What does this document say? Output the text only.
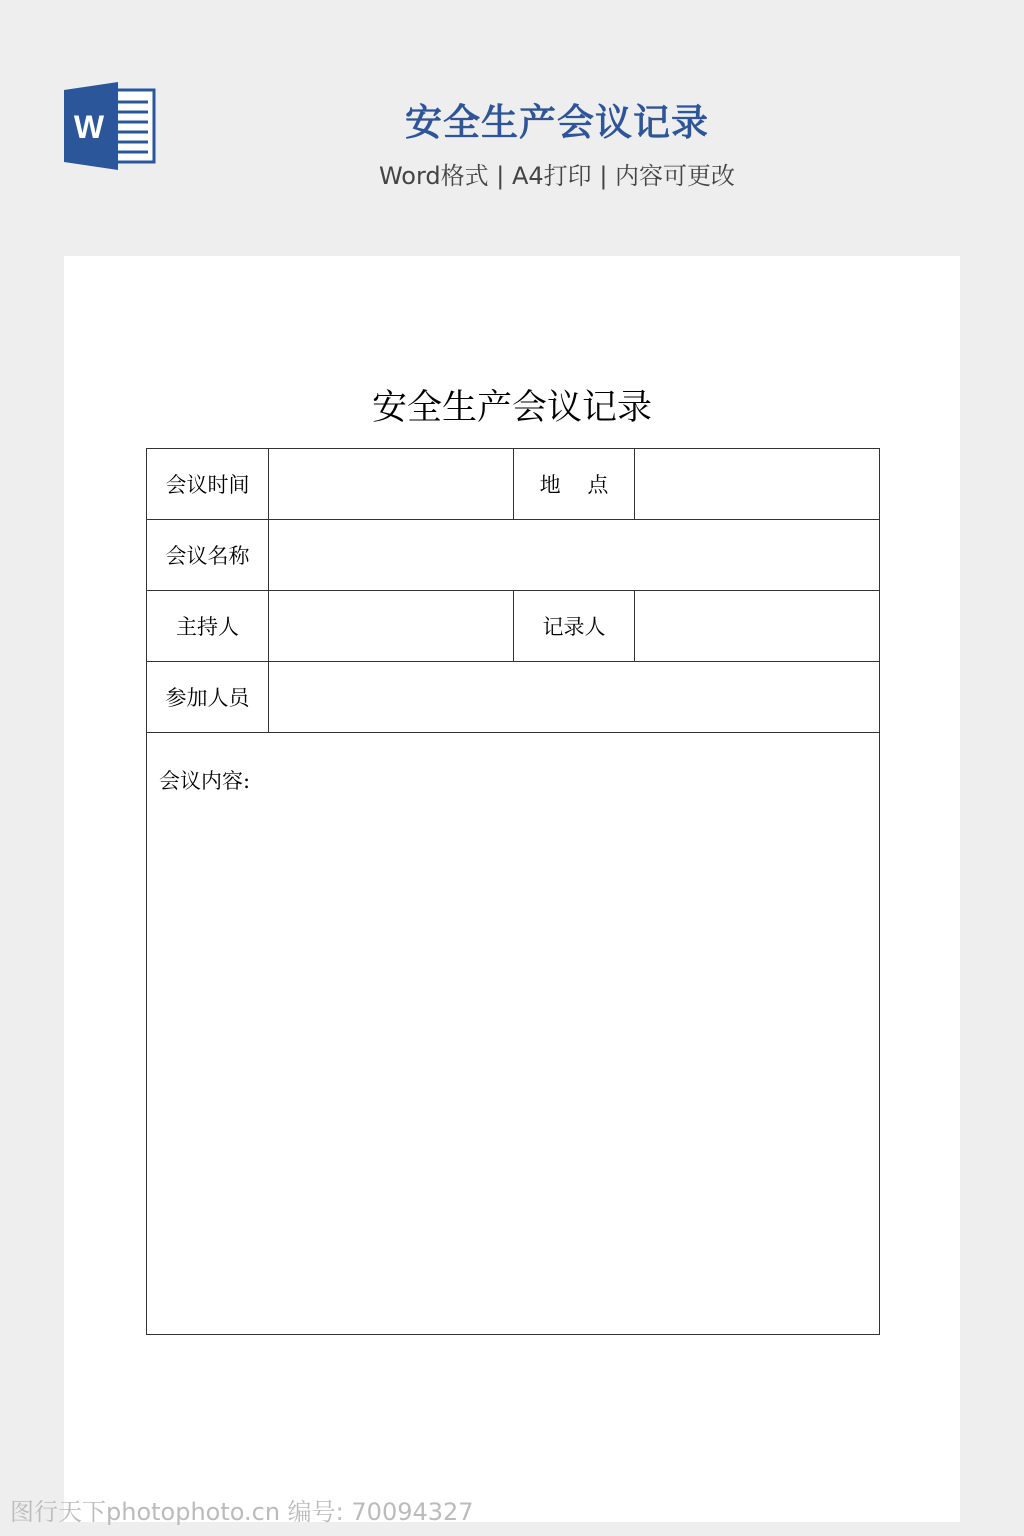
W	安全生产会议记录
Word格式 | A4打印 | 内容可更改
安全生产会议记录
会议时间		地 点	
会议名称			
主持人		记录人	
参加人员			

会议内容:			
图行天下photophoto.cn 编号: 70094327
